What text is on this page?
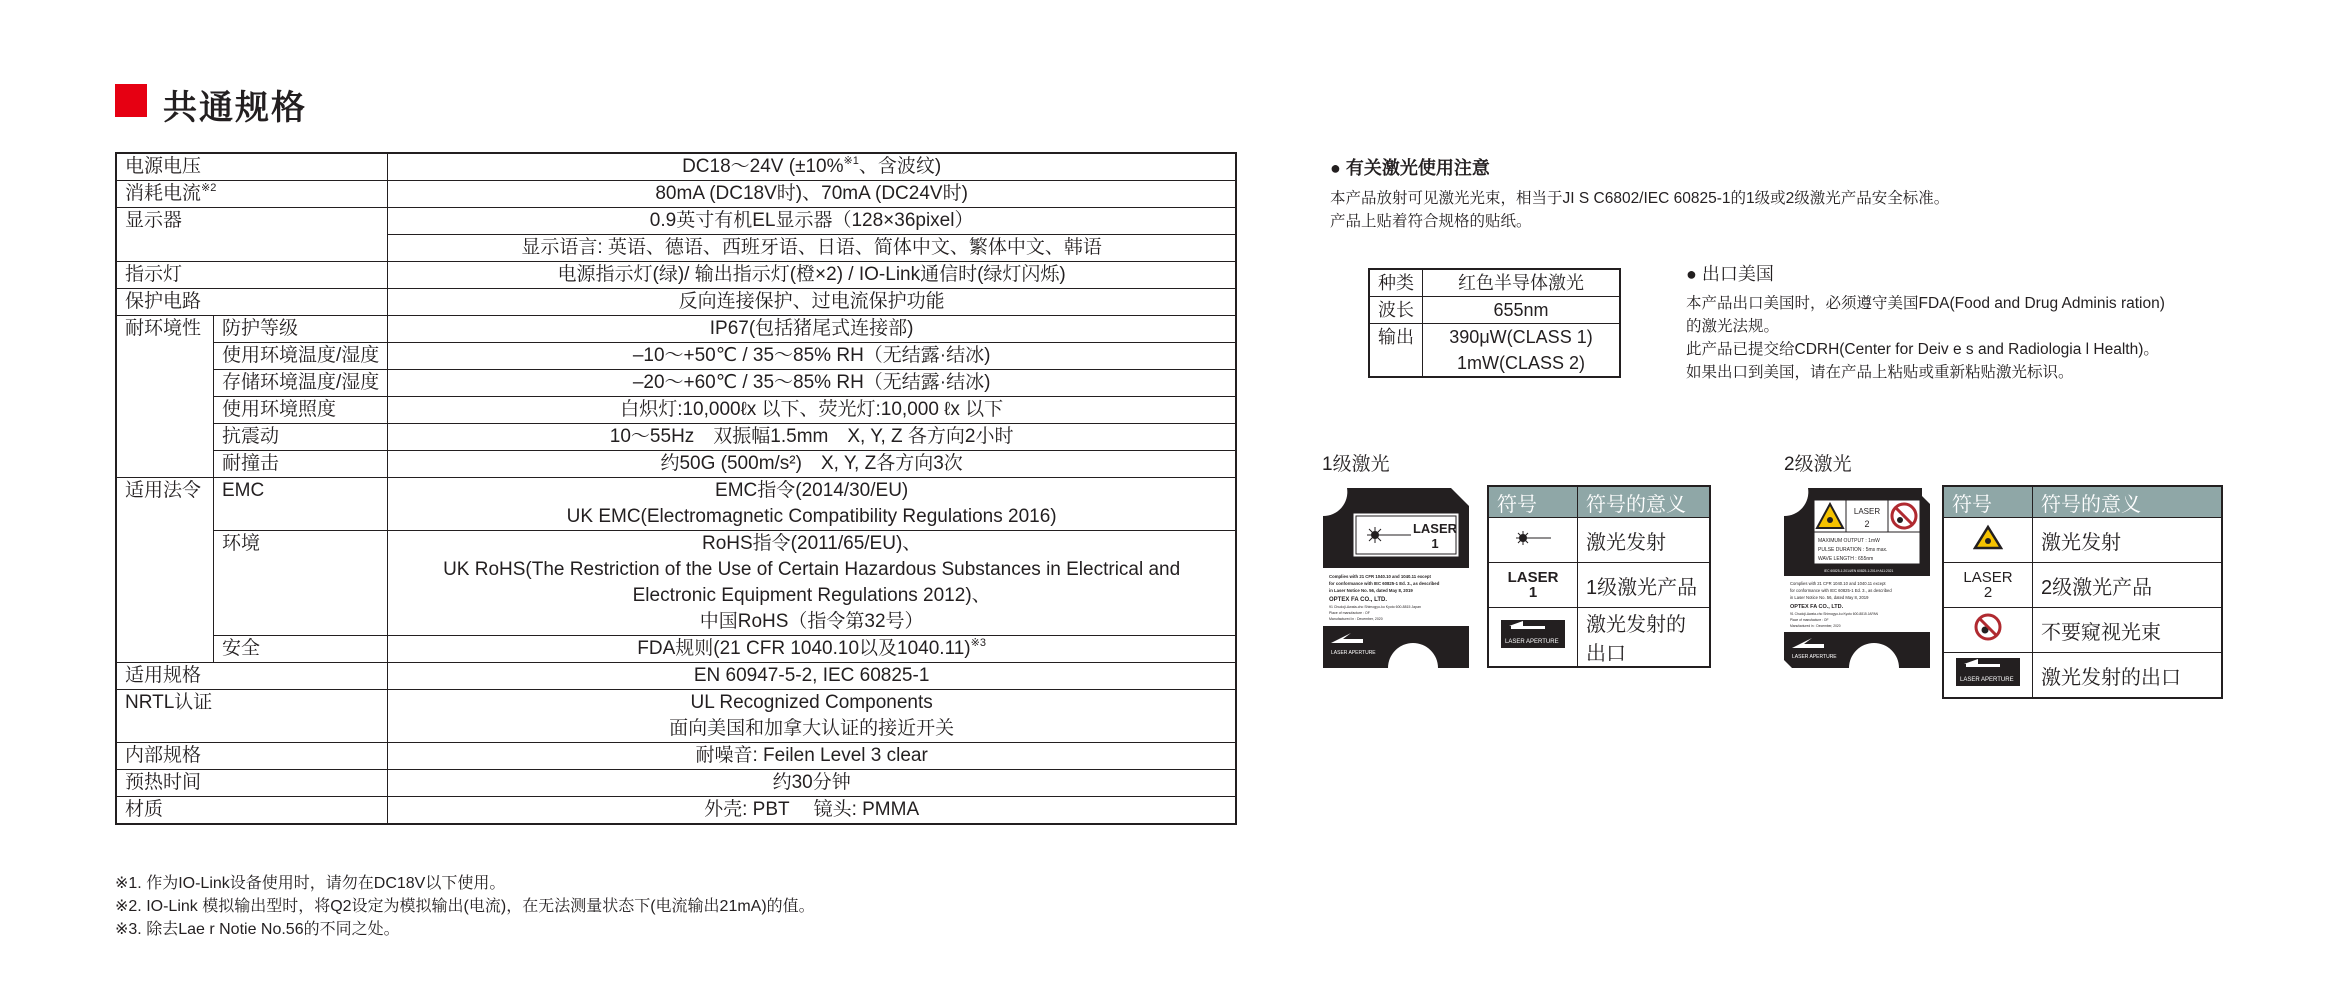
共通规格
电源电压		DC18～24V (±10%$^{※1}$、含波纹)

消耗电流$^{※2}$		80mA (DC18V时)、70mA (DC24V时)

显示器		0.9英寸有机EL显示器（128×36pixel）

		显示语言: 英语、德语、西班牙语、日语、简体中文、繁体中文、韩语

指示灯		电源指示灯(绿)/ 输出指示灯(橙×2) / IO-Link通信时(绿灯闪烁)

保护电路		反向连接保护、过电流保护功能

耐环境性	防护等级	IP67(包括猪尾式连接部)

	使用环境温度/湿度	–10～+50℃ / 35～85% RH（无结露·结冰)

	存储环境温度/湿度	–20～+60℃ / 35～85% RH（无结露·结冰)

	使用环境照度	白炽灯:10,000ℓx 以下、荧光灯:10,000 ℓx 以下

	抗震动	10～55Hz　双振幅1.5mm　X, Y, Z 各方向2小时

	耐撞击	约50G (500m/s²)　X, Y, Z各方向3次

适用法令	EMC	EMC指令(2014/30/EU)
UK EMC(Electromagnetic Compatibility Regulations 2016)

	环境	RoHS指令(2011/65/EU)、
UK RoHS(The Restriction of the Use of Certain Hazardous Substances in Electrical and
Electronic Equipment Regulations 2012)、
中国RoHS（指令第32号）

	安全	FDA规则(21 CFR 1040.10以及1040.11)$^{※3}$

适用规格		EN 60947-5-2, IEC 60825-1

NRTL认证		UL Recognized Components
面向美国和加拿大认证的接近开关

内部规格		耐噪音: Feilen Level 3 clear

预热时间		约30分钟

材质		外壳: PBT　 镜头: PMMA
※1. 作为IO-Link设备使用时，请勿在DC18V以下使用。
※2. IO-Link 模拟输出型时，将Q2设定为模拟输出(电流)，在无法测量状态下(电流输出21mA)的值。
※3. 除去Lae r Notie No.56的不同之处。
● 有关激光使用注意
本产品放射可见激光光束，相当于JI S C6802/IEC 60825-1的1级或2级激光产品安全标准。
产品上贴着符合规格的贴纸。
种类	红色半导体激光
波长	655nm
输出	390μW(CLASS 1)
1mW(CLASS 2)
● 出口美国
本产品出口美国时，必须遵守美国FDA(Food and Drug Adminis ration)
的激光法规。
此产品已提交给CDRH(Center for Deiv e s and Radiologia l Health)。
如果出口到美国，请在产品上粘贴或重新粘贴激光标识。
1级激光
LASER
1
Complies with 21 CFR 1040.10 and 1040.11 except
for conformance with IEC 60825-1 Ed. 3., as described
in Laser Notice No. 56, dated May 8, 2019
OPTEX FA CO., LTD.
91 Chudoji-Awata-cho Shimogyo-ku Kyoto 600-8815 Japan
Place of manufacture : OF
Manufactured in : December, 2020
LASER APERTURE
符号	符号的意义
	激光发射

LASER
1	1级激光产品

LASER APERTURE	激光发射的出口
2级激光
LASER
2
MAXIMUM OUTPUT : 1mW
PULSE DURATION : 5ms max.
WAVE LENGTH : 655nm
IEC 60825-1:2014/EN 60825-1:2014+A11:2021
Complies with 21 CFR 1040.10 and 1040.11 except
for conformance with IEC 60825-1 Ed. 3., as described
in Laser Notice No. 56, dated May 8, 2019
OPTEX FA CO., LTD.
91 Chudoji-Awata-cho Shimogyo-ku Kyoto 600-8815 JAPAN
Place of manufacture : OF
Manufactured in : December, 2020
LASER APERTURE
符号	符号的意义
	激光发射

LASER
2	2级激光产品
	不要窥视光束

LASER APERTURE	激光发射的出口
